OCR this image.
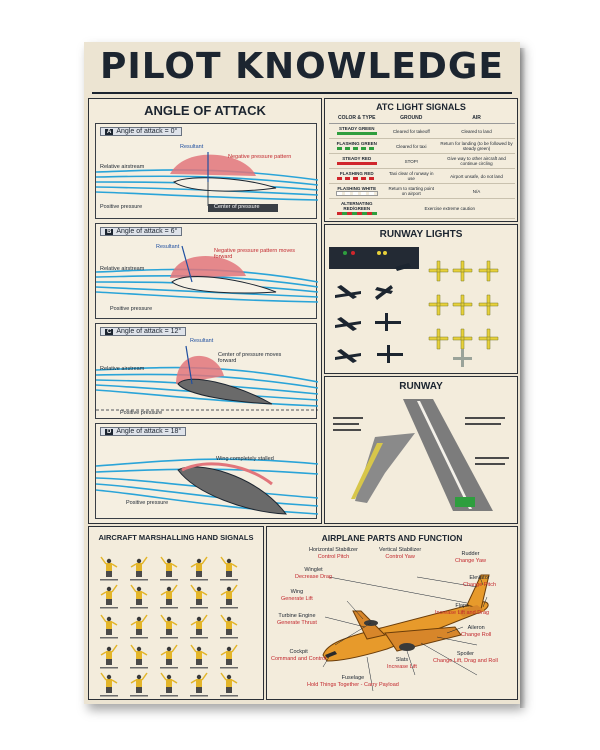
PILOT KNOWLEDGE
ANGLE OF ATTACK
A Angle of attack = 0°
Resultant
Negative pressure pattern
Relative airstream
Positive pressure	Center of pressure
B Angle of attack = 6°
Resultant
Negative pressure pattern moves forward
Relative airstream
Positive pressure
C Angle of attack = 12°
Resultant
Center of pressure moves forward
Relative airstream
Positive pressure
D Angle of attack = 18°
Wing completely stalled
Positive pressure
ATC LIGHT SIGNALS
COLOR & TYPE	GROUND	AIR

STEADY GREEN	Cleared for takeoff	Cleared to land

FLASHING GREEN	Cleared for taxi	Return for landing (to be followed by steady green)

STEADY RED	STOP!	Give way to other aircraft and continue circling

FLASHING RED	Taxi clear of runway in use	Airport unsafe, do not land

FLASHING WHITE	Return to starting point on airport	N/A

ALTERNATING RED/GREEN	Exercise extreme caution	
RUNWAY LIGHTS
RUNWAY
AIRCRAFT MARSHALLING HAND SIGNALS	AIRPLANE PARTS AND FUNCTION
Horizontal Stabilizer
Control Pitch
Vertical Stabilizer
Control Yaw	Rudder
Change Yaw
Winglet
Decrease Drag	Elevator
Change Pitch
Wing
Generate Lift
Flaps
Increase Lift and Drag
Turbine Engine
Generate Thrust
Aileron
Change Roll
Cockpit
Command and Control
Spoiler
Change Lift, Drag and Roll
Slats
Increase Lift
Fuselage
Hold Things Together - Carry Payload
